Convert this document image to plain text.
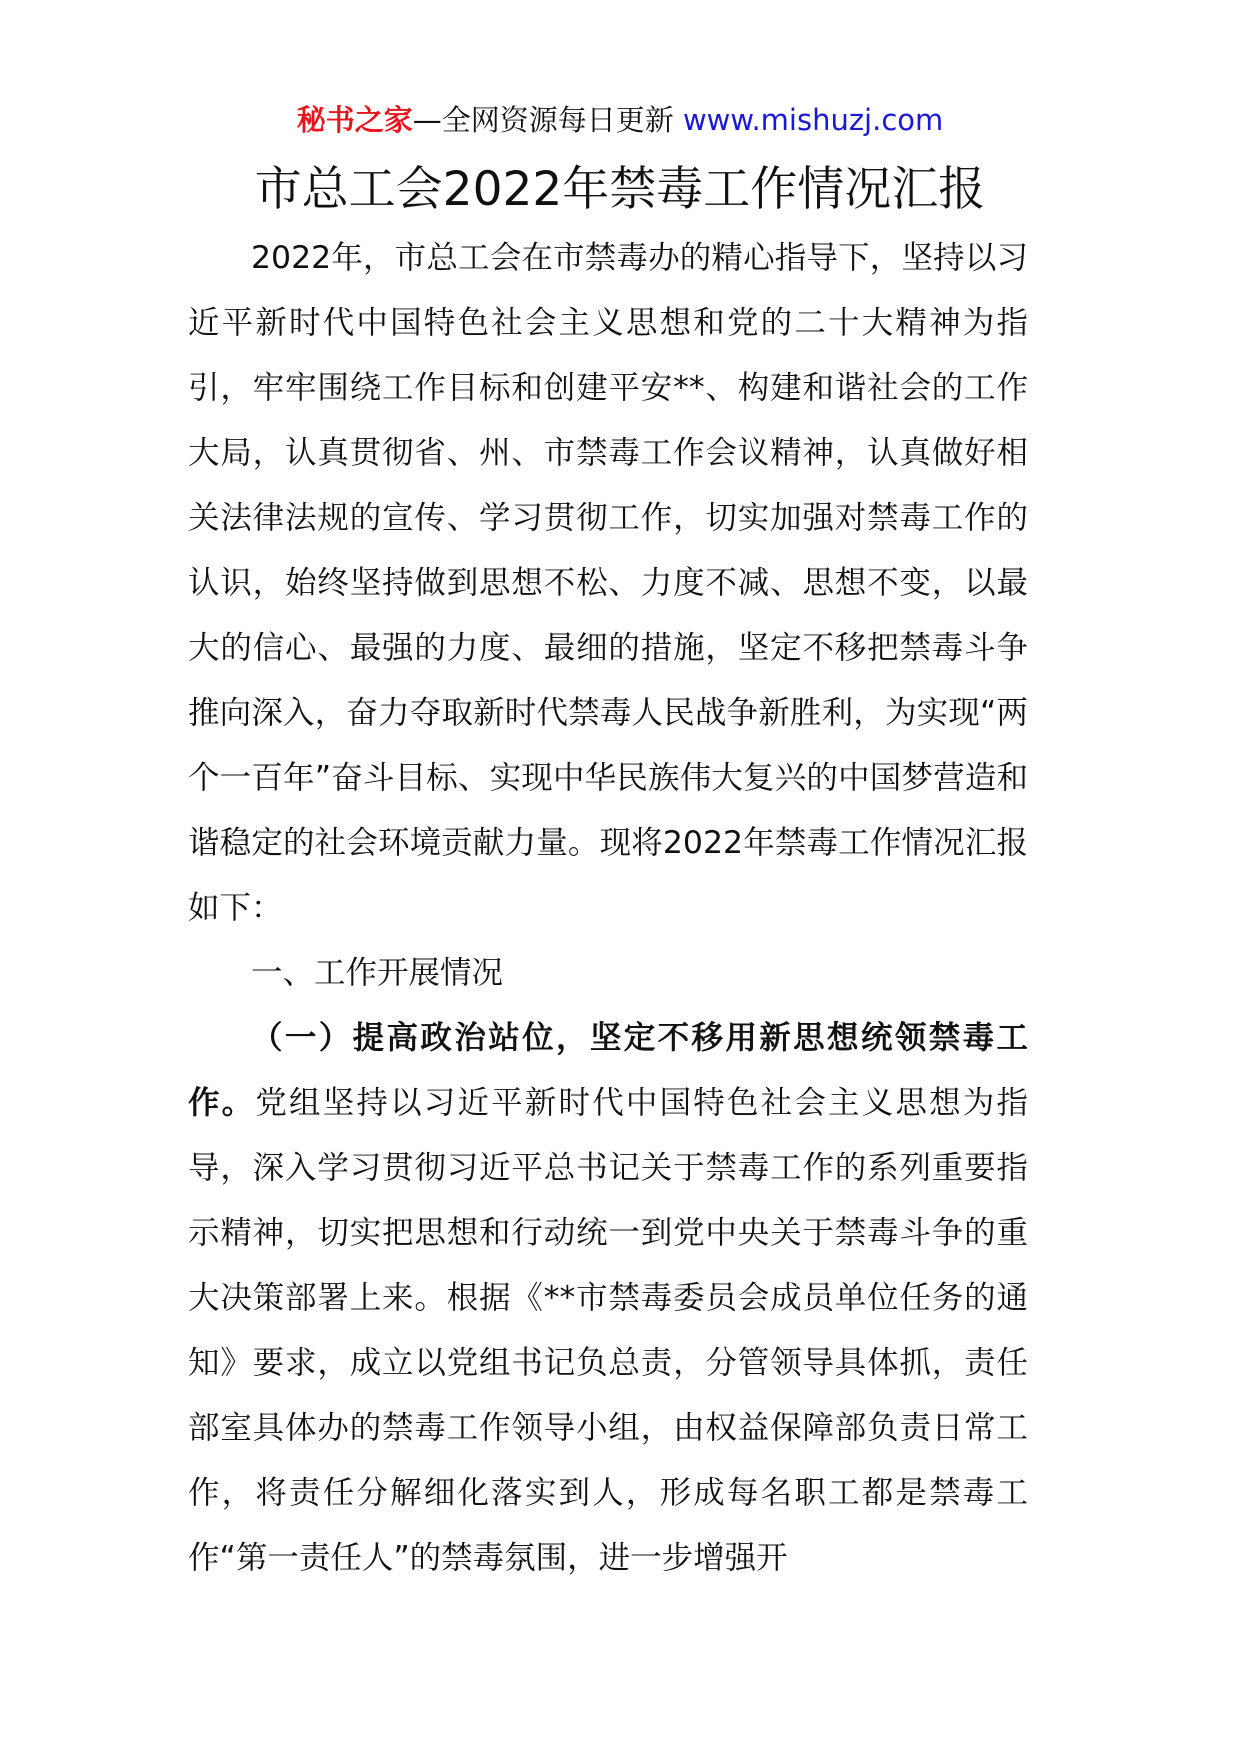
秘书之家—全网资源每日更新 www.mishuzj.com
市总工会2022年禁毒工作情况汇报

2022年，市总工会在市禁毒办的精心指导下，坚持以习近平新时代中国特色社会主义思想和党的二十大精神为指引，牢牢围绕工作目标和创建平安**、构建和谐社会的工作大局，认真贯彻省、州、市禁毒工作会议精神，认真做好相关法律法规的宣传、学习贯彻工作，切实加强对禁毒工作的认识，始终坚持做到思想不松、力度不减、思想不变，以最大的信心、最强的力度、最细的措施，坚定不移把禁毒斗争推向深入，奋力夺取新时代禁毒人民战争新胜利，为实现“两个一百年”奋斗目标、实现中华民族伟大复兴的中国梦营造和谐稳定的社会环境贡献力量。现将2022年禁毒工作情况汇报如下：

一、工作开展情况

（一）提高政治站位，坚定不移用新思想统领禁毒工作。党组坚持以习近平新时代中国特色社会主义思想为指导，深入学习贯彻习近平总书记关于禁毒工作的系列重要指示精神，切实把思想和行动统一到党中央关于禁毒斗争的重大决策部署上来。根据《**市禁毒委员会成员单位任务的通知》要求，成立以党组书记负总责，分管领导具体抓，责任部室具体办的禁毒工作领导小组，由权益保障部负责日常工作，将责任分解细化落实到人，形成每名职工都是禁毒工作“第一责任人”的禁毒氛围，进一步增强开
